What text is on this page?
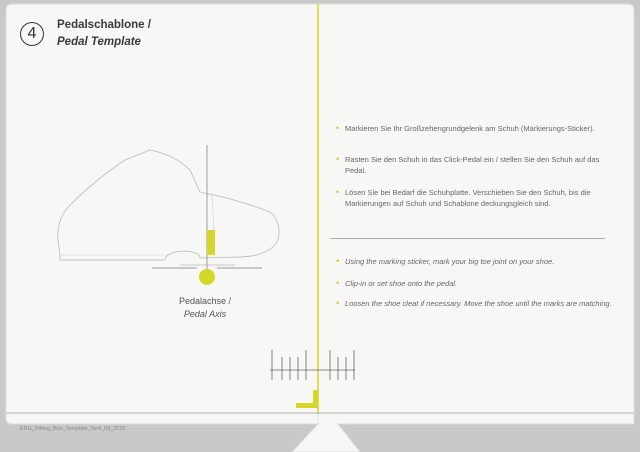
4	Pedalschablone /
Pedal Template
Pedalachse /
Pedal Axis
• Markieren Sie Ihr Großzehengrundgelenk am Schuh (Markierungs-Sticker).
• Rasten Sie den Schuh in das Click-Pedal ein / stellen Sie den Schuh auf das Pedal.
• Lösen Sie bei Bedarf die Schuhplatte. Verschieben Sie den Schuh, bis die Markierungen auf Schuh und Schablone deckungsgleich sind.
• Using the marking sticker, mark your big toe joint on your shoe.
• Clip-in or set shoe onto the pedal.
• Loosen the shoe cleat if necessary. Move the shoe until the marks are matching.
ERG_Fitting_Box_Template_No4_03_2015
